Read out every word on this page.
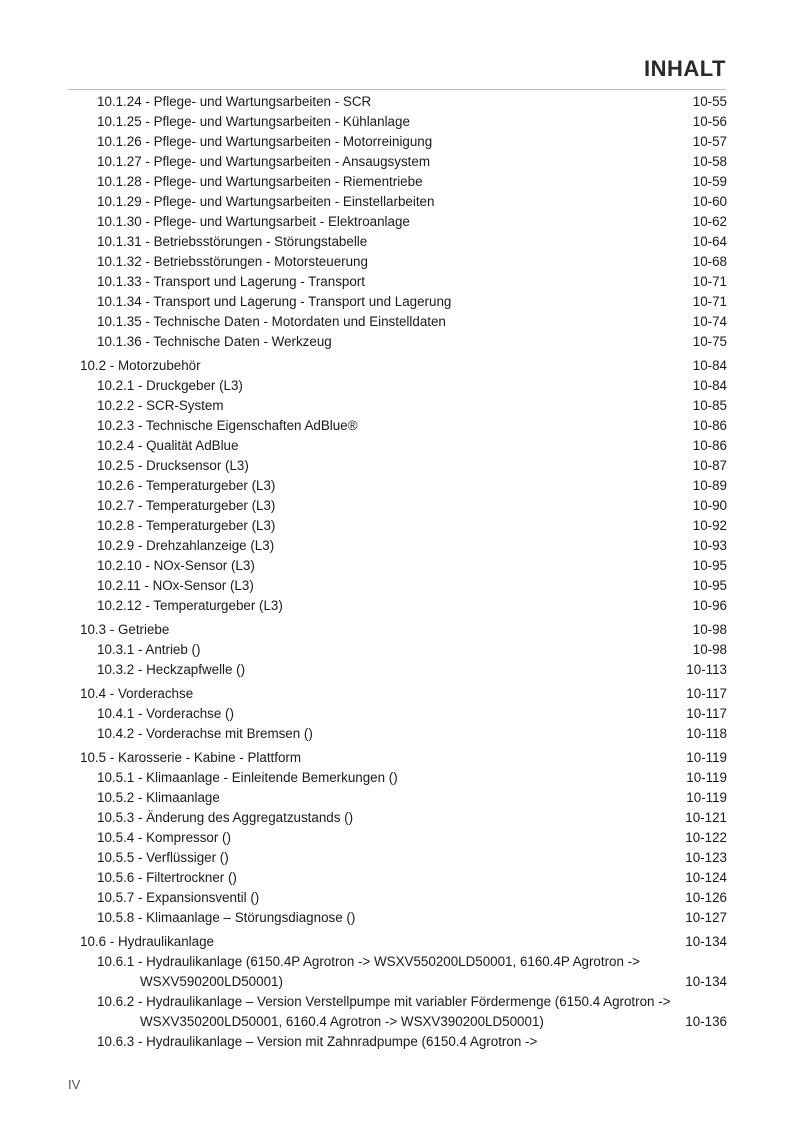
INHALT
10.1.24 - Pflege- und Wartungsarbeiten - SCR	10-55
10.1.25 - Pflege- und Wartungsarbeiten - Kühlanlage	10-56
10.1.26 - Pflege- und Wartungsarbeiten - Motorreinigung	10-57
10.1.27 - Pflege- und Wartungsarbeiten - Ansaugsystem	10-58
10.1.28 - Pflege- und Wartungsarbeiten - Riementriebe	10-59
10.1.29 - Pflege- und Wartungsarbeiten - Einstellarbeiten	10-60
10.1.30 - Pflege- und Wartungsarbeit - Elektroanlage	10-62
10.1.31 - Betriebsstörungen - Störungstabelle	10-64
10.1.32 - Betriebsstörungen - Motorsteuerung	10-68
10.1.33 - Transport und Lagerung - Transport	10-71
10.1.34 - Transport und Lagerung - Transport und Lagerung	10-71
10.1.35 - Technische Daten - Motordaten und Einstelldaten	10-74
10.1.36 - Technische Daten - Werkzeug	10-75
10.2 - Motorzubehör	10-84
10.2.1 - Druckgeber (L3)	10-84
10.2.2 - SCR-System	10-85
10.2.3 - Technische Eigenschaften AdBlue®	10-86
10.2.4 - Qualität AdBlue	10-86
10.2.5 - Drucksensor (L3)	10-87
10.2.6 - Temperaturgeber (L3)	10-89
10.2.7 - Temperaturgeber (L3)	10-90
10.2.8 - Temperaturgeber (L3)	10-92
10.2.9 - Drehzahlanzeige (L3)	10-93
10.2.10 - NOx-Sensor (L3)	10-95
10.2.11 - NOx-Sensor (L3)	10-95
10.2.12 - Temperaturgeber (L3)	10-96
10.3 - Getriebe	10-98
10.3.1 - Antrieb ()	10-98
10.3.2 - Heckzapfwelle ()	10-113
10.4 - Vorderachse	10-117
10.4.1 - Vorderachse ()	10-117
10.4.2 - Vorderachse mit Bremsen ()	10-118
10.5 - Karosserie - Kabine - Plattform	10-119
10.5.1 - Klimaanlage - Einleitende Bemerkungen ()	10-119
10.5.2 - Klimaanlage	10-119
10.5.3 - Änderung des Aggregatzustands ()	10-121
10.5.4 - Kompressor ()	10-122
10.5.5 - Verflüssiger ()	10-123
10.5.6 - Filtertrockner ()	10-124
10.5.7 - Expansionsventil ()	10-126
10.5.8 - Klimaanlage – Störungsdiagnose ()	10-127
10.6 - Hydraulikanlage	10-134
10.6.1 - Hydraulikanlage (6150.4P Agrotron -> WSXV550200LD50001, 6160.4P Agrotron ->
WSXV590200LD50001)	10-134
10.6.2 - Hydraulikanlage – Version Verstellpumpe mit variabler Fördermenge (6150.4 Agrotron ->
WSXV350200LD50001, 6160.4 Agrotron -> WSXV390200LD50001)	10-136
10.6.3 - Hydraulikanlage – Version mit Zahnradpumpe (6150.4 Agrotron ->
IV
